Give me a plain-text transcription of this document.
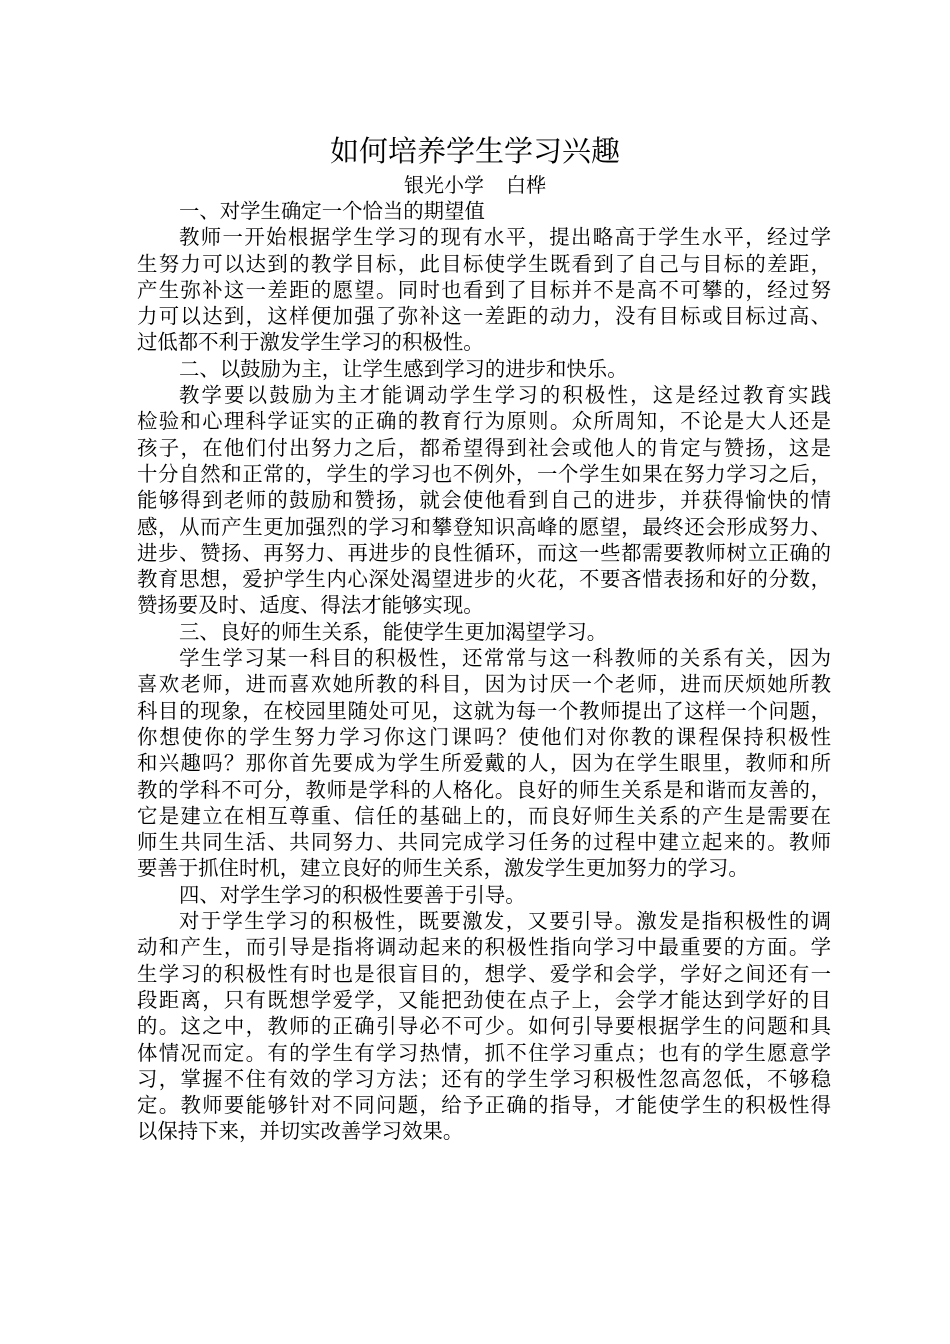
如何培养学生学习兴趣
银光小学 白桦
一、对学生确定一个恰当的期望值
教师一开始根据学生学习的现有水平，提出略高于学生水平，经过学
生努力可以达到的教学目标，此目标使学生既看到了自己与目标的差距，
产生弥补这一差距的愿望。同时也看到了目标并不是高不可攀的，经过努
力可以达到，这样便加强了弥补这一差距的动力，没有目标或目标过高、
过低都不利于激发学生学习的积极性。
二、以鼓励为主，让学生感到学习的进步和快乐。
教学要以鼓励为主才能调动学生学习的积极性，这是经过教育实践
检验和心理科学证实的正确的教育行为原则。众所周知，不论是大人还是
孩子，在他们付出努力之后，都希望得到社会或他人的肯定与赞扬，这是
十分自然和正常的，学生的学习也不例外，一个学生如果在努力学习之后，
能够得到老师的鼓励和赞扬，就会使他看到自己的进步，并获得愉快的情
感，从而产生更加强烈的学习和攀登知识高峰的愿望，最终还会形成努力、
进步、赞扬、再努力、再进步的良性循环，而这一些都需要教师树立正确的
教育思想，爱护学生内心深处渴望进步的火花，不要吝惜表扬和好的分数，
赞扬要及时、适度、得法才能够实现。
三、良好的师生关系，能使学生更加渴望学习。
学生学习某一科目的积极性，还常常与这一科教师的关系有关，因为
喜欢老师，进而喜欢她所教的科目，因为讨厌一个老师，进而厌烦她所教
科目的现象，在校园里随处可见，这就为每一个教师提出了这样一个问题，
你想使你的学生努力学习你这门课吗？使他们对你教的课程保持积极性
和兴趣吗？那你首先要成为学生所爱戴的人，因为在学生眼里，教师和所
教的学科不可分，教师是学科的人格化。良好的师生关系是和谐而友善的，
它是建立在相互尊重、信任的基础上的，而良好师生关系的产生是需要在
师生共同生活、共同努力、共同完成学习任务的过程中建立起来的。教师
要善于抓住时机，建立良好的师生关系，激发学生更加努力的学习。
四、对学生学习的积极性要善于引导。
对于学生学习的积极性，既要激发，又要引导。激发是指积极性的调
动和产生，而引导是指将调动起来的积极性指向学习中最重要的方面。学
生学习的积极性有时也是很盲目的，想学、爱学和会学，学好之间还有一
段距离，只有既想学爱学，又能把劲使在点子上，会学才能达到学好的目
的。这之中，教师的正确引导必不可少。如何引导要根据学生的问题和具
体情况而定。有的学生有学习热情，抓不住学习重点；也有的学生愿意学
习，掌握不住有效的学习方法；还有的学生学习积极性忽高忽低，不够稳
定。教师要能够针对不同问题，给予正确的指导，才能使学生的积极性得
以保持下来，并切实改善学习效果。
